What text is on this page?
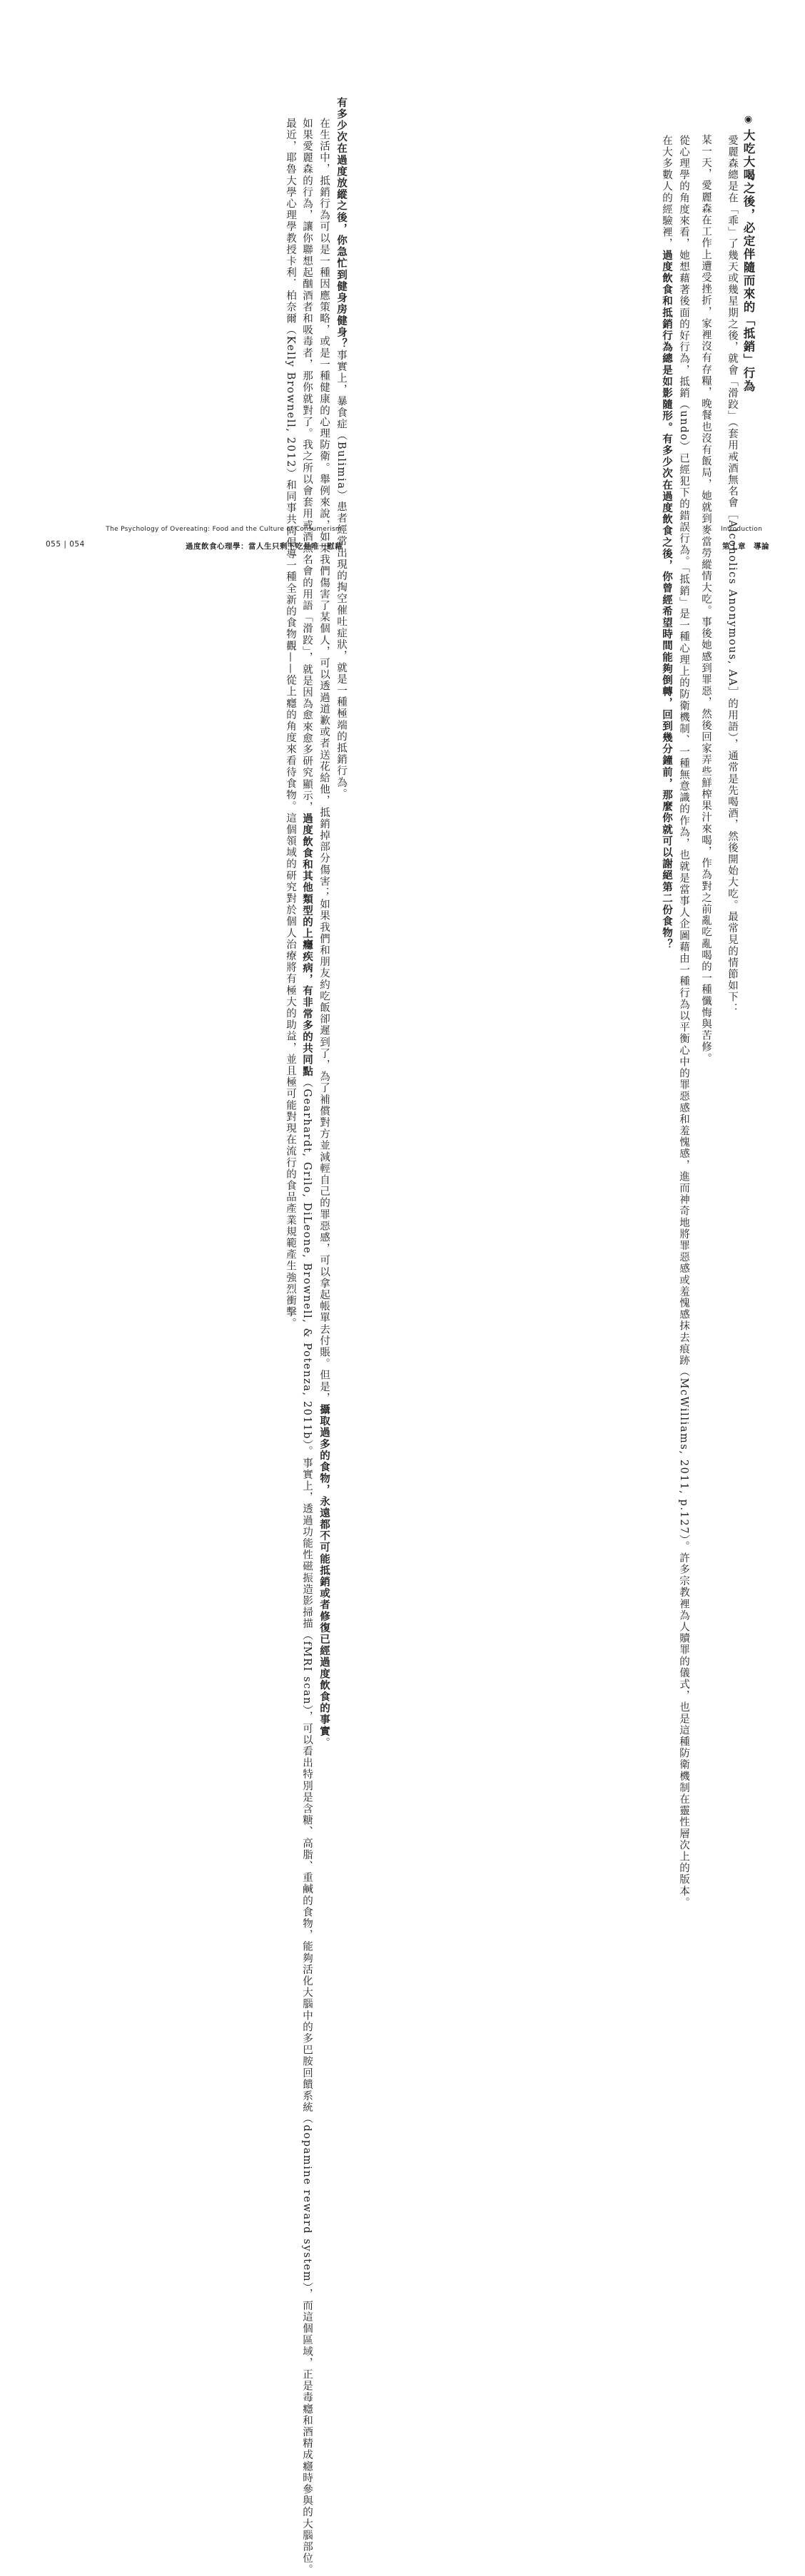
有多少次在過度放縱之後，你急忙到健身房健身？事實上，暴食症（Bulimia）患者經常出現的掏空催吐症狀，就是一種極端的抵銷行為。

在生活中，抵銷行為可以是一種因應策略，或是一種健康的心理防衛。舉例來說，如果我們傷害了某個人，可以透過道歉或者送花給他，抵銷掉部分傷害；如果我們和朋友約吃飯卻遲到了，為了補償對方並減輕自己的罪惡感，可以拿起帳單去付賬。但是，攝取過多的食物，永遠都不可能抵銷或者修復已經過度飲食的事實。

如果愛麗森的行為，讓你聯想起酗酒者和吸毒者，那你就對了。我之所以會套用戒酒無名會的用語「滑跤」，就是因為愈來愈多研究顯示，過度飲食和其他類型的上癮疾病，有非常多的共同點（Gearhardt, Grilo, DiLeone, Brownell, & Potenza, 2011b）。事實上，透過功能性磁振造影掃描（fMRI scan），可以看出特別是含糖、高脂、重鹹的食物，能夠活化大腦中的多巴胺回饋系統（dopamine reward system），而這個區域，正是毒癮和酒精成癮時參與的大腦部位。

最近，耶魯大學心理學教授卡利．柏奈爾（Kelly Brownell, 2012）和同事共同倡導一種全新的食物觀——從上癮的角度來看待食物。這個領域的研究對於個人治療將有極大的助益，並且極可能對現在流行的食品產業規範產生強烈衝擊。

055 | 054
The Psychology of Overeating: Food and the Culture of Consumerism
過度飲食心理學：當人生只剩下吃是唯一慰藉

◉大吃大喝之後，必定伴隨而來的「抵銷」行為

愛麗森總是在「乖」了幾天或幾星期之後，就會「滑跤」（套用戒酒無名會［Alcoholics Anonymous, AA］的用語），通常是先喝酒，然後開始大吃。最常見的情節如下：

某一天，愛麗森在工作上遭受挫折，家裡沒有存糧，晚餐也沒有飯局，她就到麥當勞縱情大吃。事後她感到罪惡，然後回家弄些鮮榨果汁來喝，作為對之前亂吃亂喝的一種懺悔與苦修。

從心理學的角度來看，她想藉著後面的好行為，抵銷（undo）已經犯下的錯誤行為。「抵銷」是一種心理上的防衛機制、一種無意識的作為，也就是當事人企圖藉由一種行為以平衡心中的罪惡感和羞愧感，進而神奇地將罪惡感或羞愧感抹去痕跡（McWilliams, 2011, p.127）。許多宗教裡為人贖罪的儀式，也是這種防衛機制在靈性層次上的版本。

在大多數人的經驗裡，過度飲食和抵銷行為總是如影隨形。有多少次在過度飲食之後，你曾經希望時間能夠倒轉，回到幾分鐘前，那麼你就可以謝絕第二份食物？	Introduction
第１章　導論
